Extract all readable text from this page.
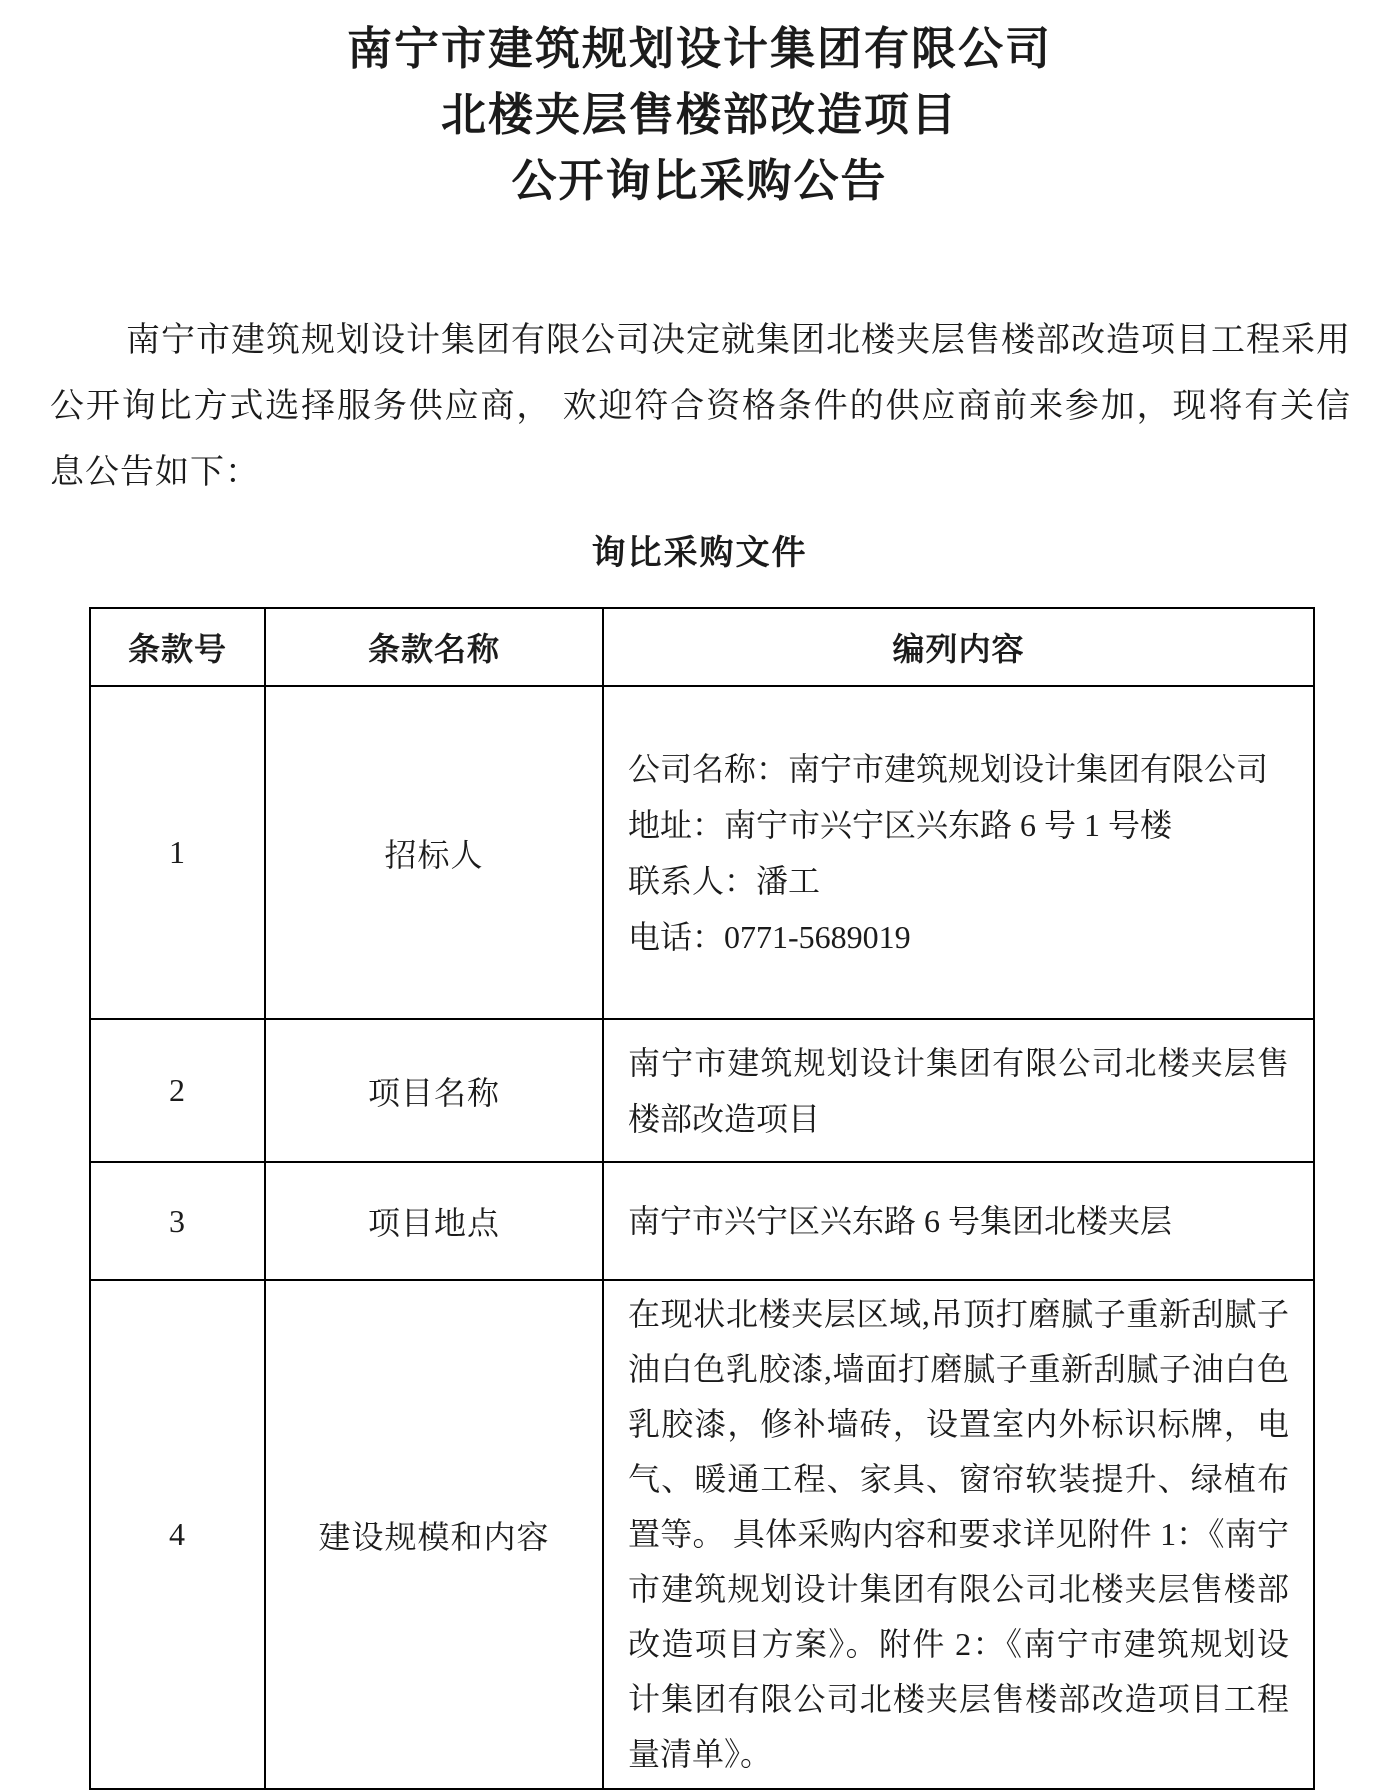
南宁市建筑规划设计集团有限公司
北楼夹层售楼部改造项目
公开询比采购公告

南宁市建筑规划设计集团有限公司决定就集团北楼夹层售楼部改造项目工程采用公开询比方式选择服务供应商， 欢迎符合资格条件的供应商前来参加，现将有关信息公告如下：

询比采购文件
条款号	条款名称	编列内容
1	招标人	公司名称：南宁市建筑规划设计集团有限公司
地址：南宁市兴宁区兴东路 6 号 1 号楼
联系人：潘工
电话：0771-5689019

2	项目名称	南宁市建筑规划设计集团有限公司北楼夹层售楼部改造项目

3	项目地点	南宁市兴宁区兴东路 6 号集团北楼夹层

4	建设规模和内容	在现状北楼夹层区域,吊顶打磨腻子重新刮腻子油白色乳胶漆,墙面打磨腻子重新刮腻子油白色乳胶漆，修补墙砖，设置室内外标识标牌，电气、暖通工程、家具、窗帘软装提升、绿植布置等。 具体采购内容和要求详见附件 1：《南宁市建筑规划设计集团有限公司北楼夹层售楼部改造项目方案》。附件 2：《南宁市建筑规划设计集团有限公司北楼夹层售楼部改造项目工程量清单》。
